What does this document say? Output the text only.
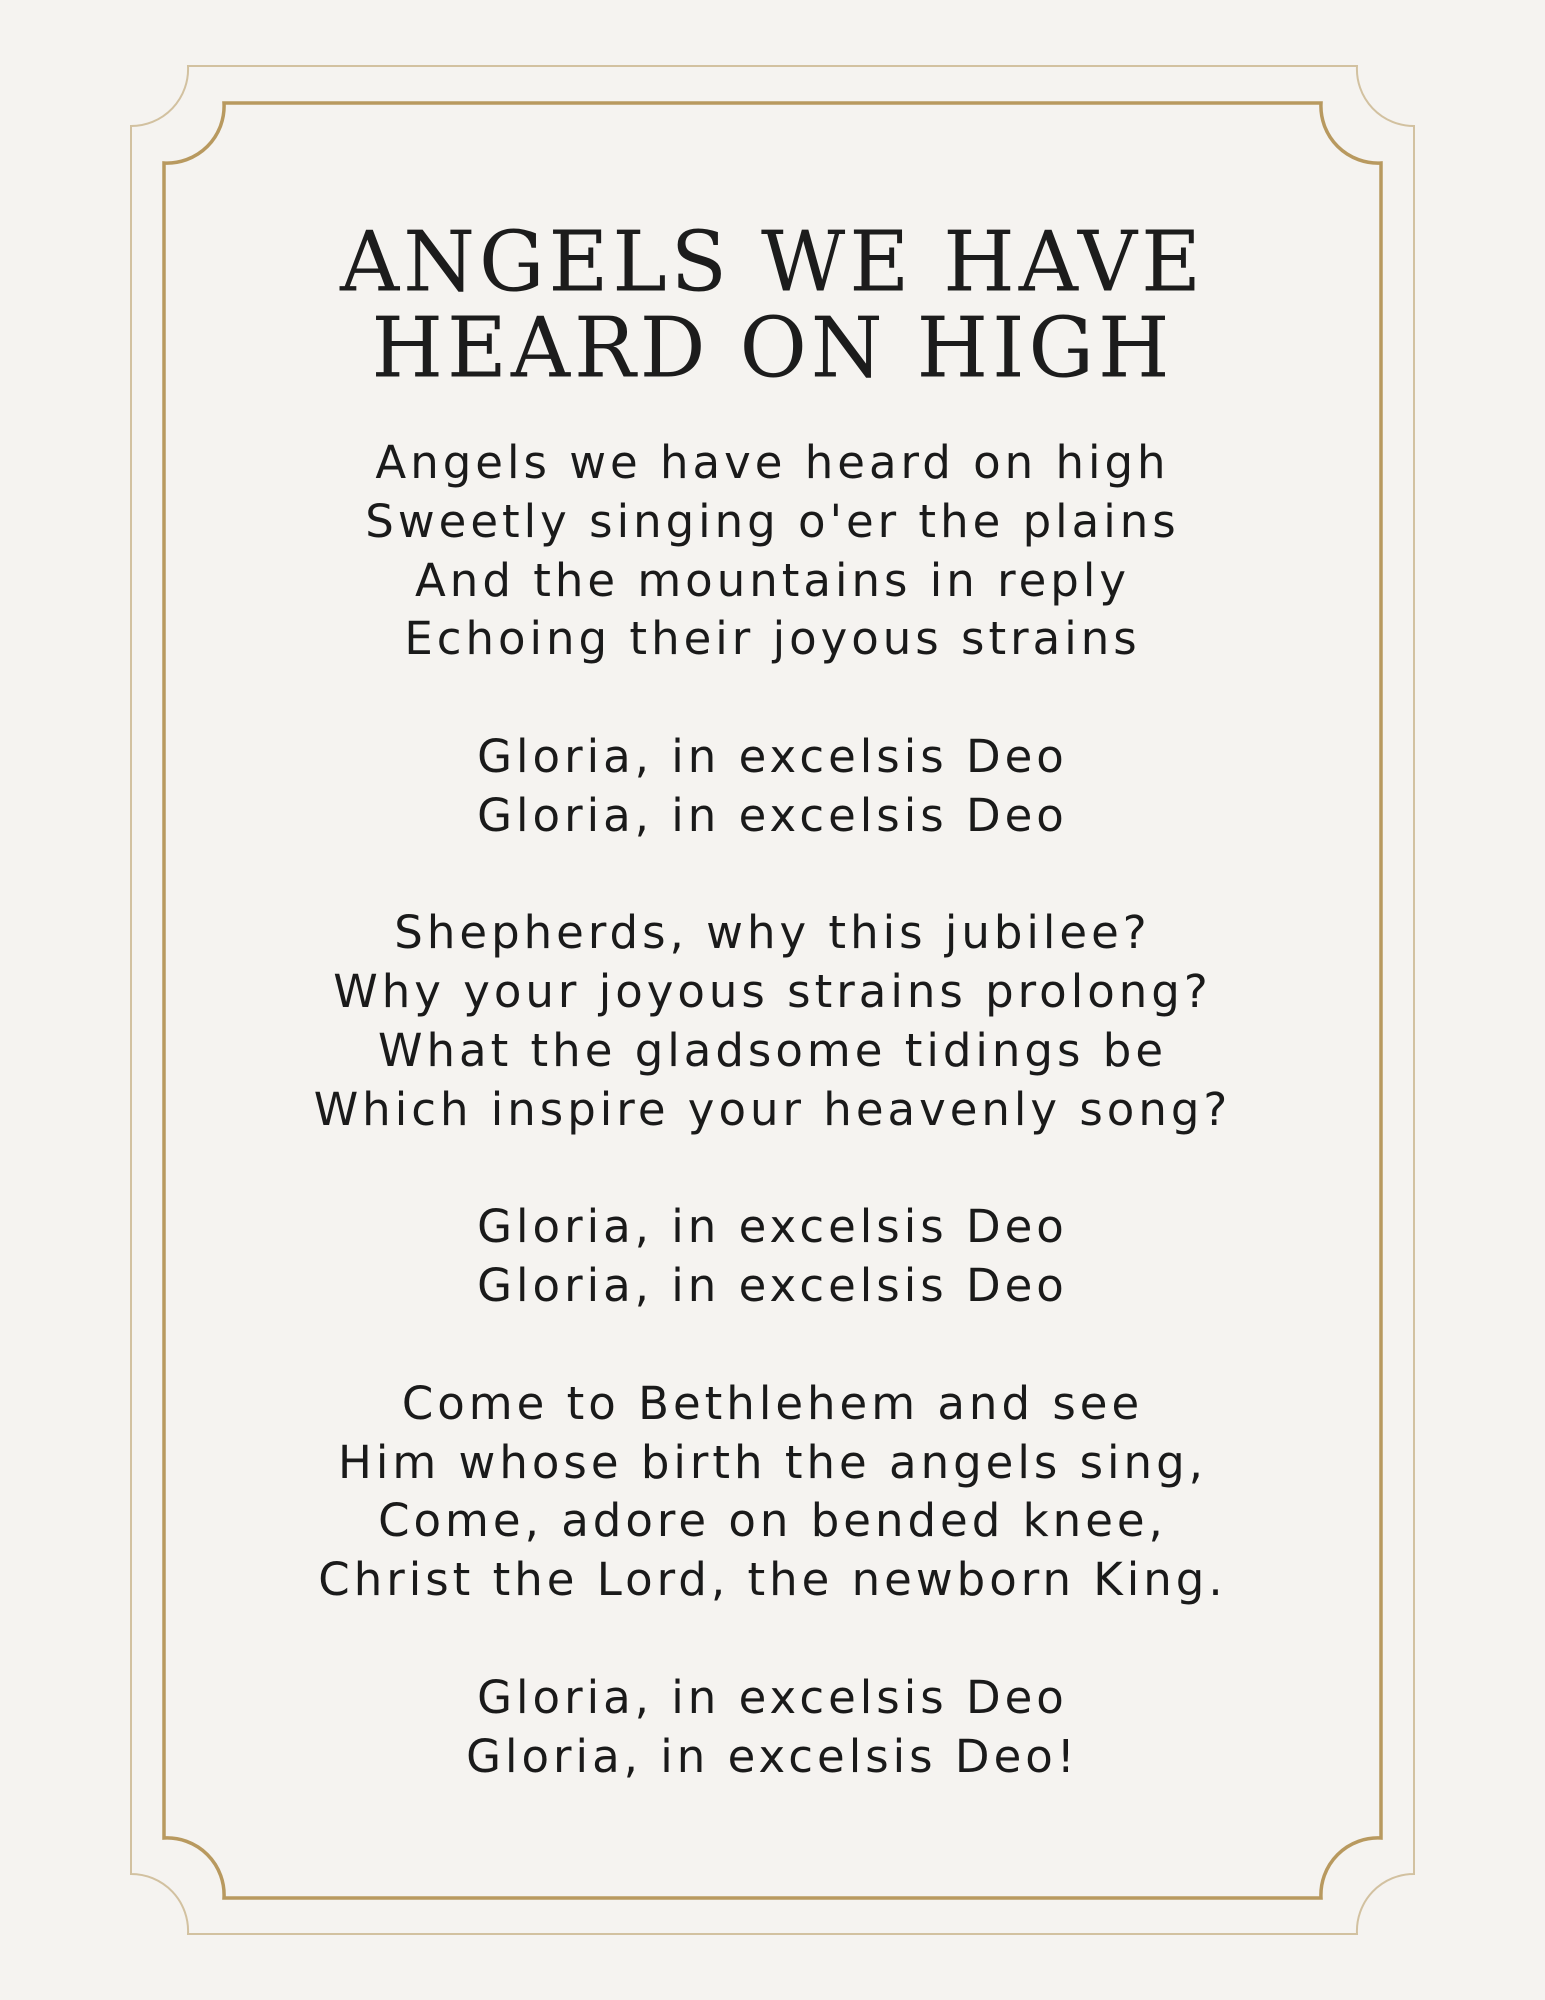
ANGELS WE HAVE
HEARD ON HIGH
Angels we have heard on high
Sweetly singing o'er the plains
And the mountains in reply
Echoing their joyous strains
Gloria, in excelsis Deo
Gloria, in excelsis Deo
Shepherds, why this jubilee?
Why your joyous strains prolong?
What the gladsome tidings be
Which inspire your heavenly song?
Gloria, in excelsis Deo
Gloria, in excelsis Deo
Come to Bethlehem and see
Him whose birth the angels sing,
Come, adore on bended knee,
Christ the Lord, the newborn King.
Gloria, in excelsis Deo
Gloria, in excelsis Deo!
